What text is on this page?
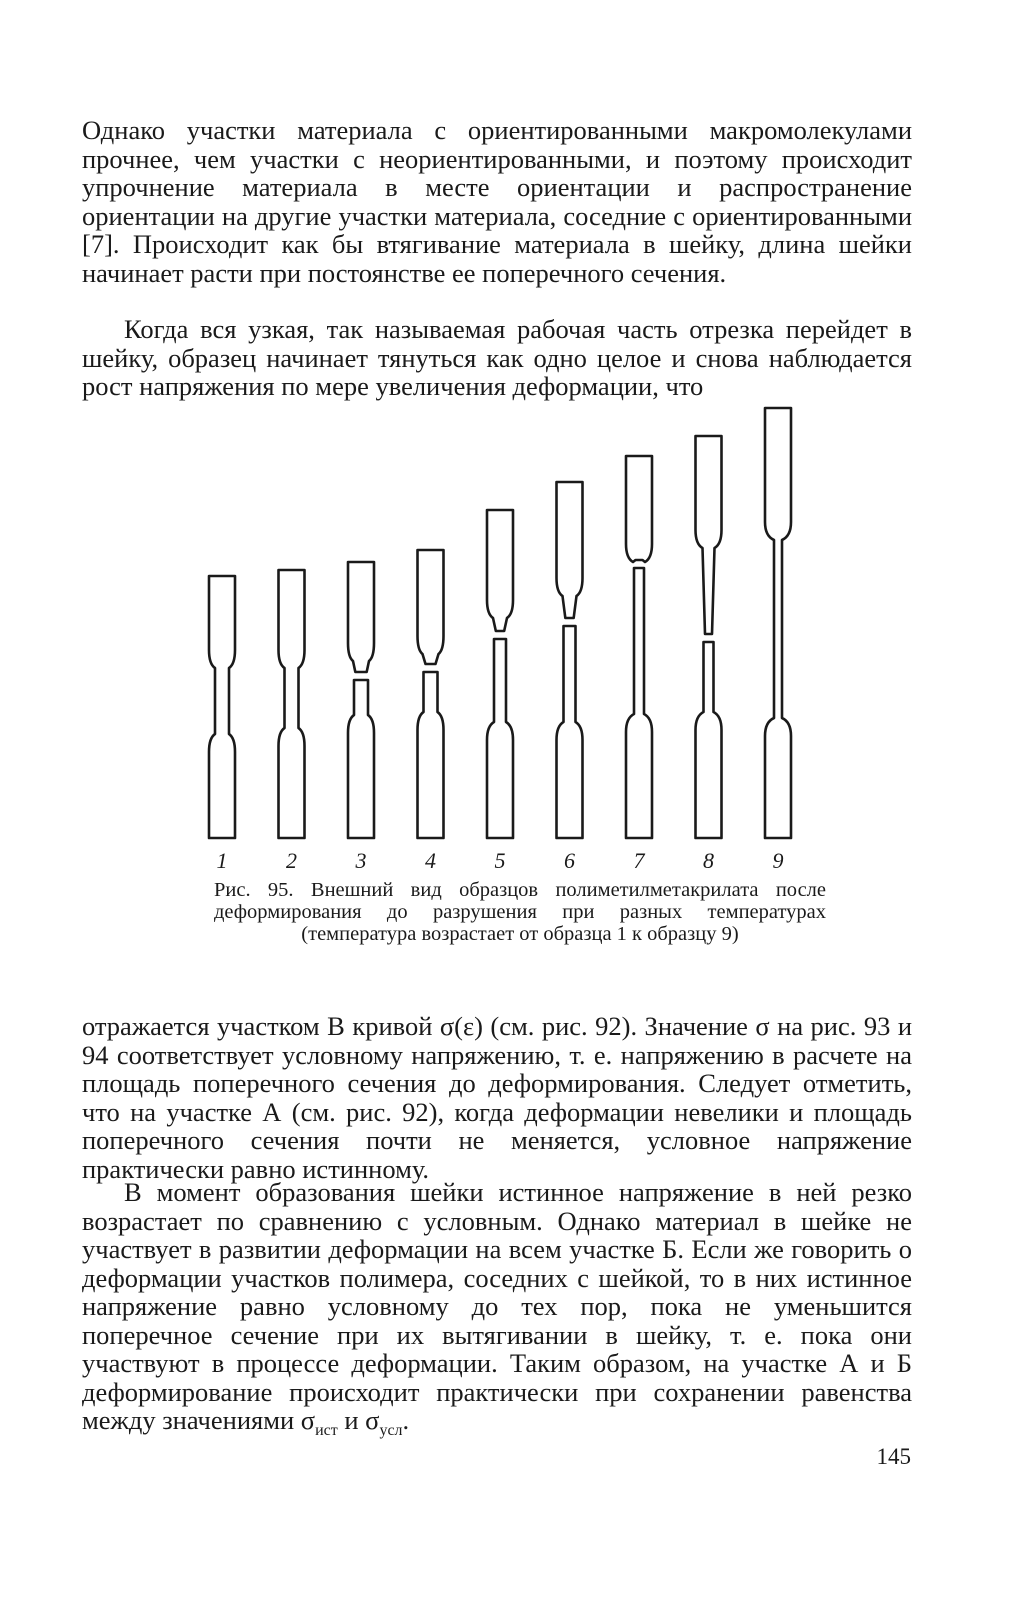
Однако участки материала с ориентированными макромолекулами прочнее, чем участки с неориентированными, и поэтому происходит упрочнение материала в месте ориентации и распространение ориентации на другие участки материала, соседние с ориентированными [7]. Происходит как бы втягивание материала в шейку, длина шейки начинает расти при постоянстве ее поперечного сечения.

Когда вся узкая, так называемая рабочая часть отрезка перейдет в шейку, образец начинает тянуться как одно целое и снова наблюдается рост напряжения по мере увеличения деформации, что

1	2	3	4	5	6	7	8	9

Рис. 95. Внешний вид образцов полиметилметакрилата после деформирования до разрушения при разных температурах (температура возрастает от образца 1 к образцу 9)

отражается участком В кривой σ(ε) (см. рис. 92). Значение σ на рис. 93 и 94 соответствует условному напряжению, т. е. напряжению в расчете на площадь поперечного сечения до деформирования. Следует отметить, что на участке А (см. рис. 92), когда деформации невелики и площадь поперечного сечения почти не меняется, условное напряжение практически равно истинному.

В момент образования шейки истинное напряжение в ней резко возрастает по сравнению с условным. Однако материал в шейке не участвует в развитии деформации на всем участке Б. Если же говорить о деформации участков полимера, соседних с шейкой, то в них истинное напряжение равно условному до тех пор, пока не уменьшится поперечное сечение при их вытягивании в шейку, т. е. пока они участвуют в процессе деформации. Таким образом, на участке А и Б деформирование происходит практически при сохранении равенства между значениями $\sigma_{ист}$ и $\sigma_{усл}$.

145
